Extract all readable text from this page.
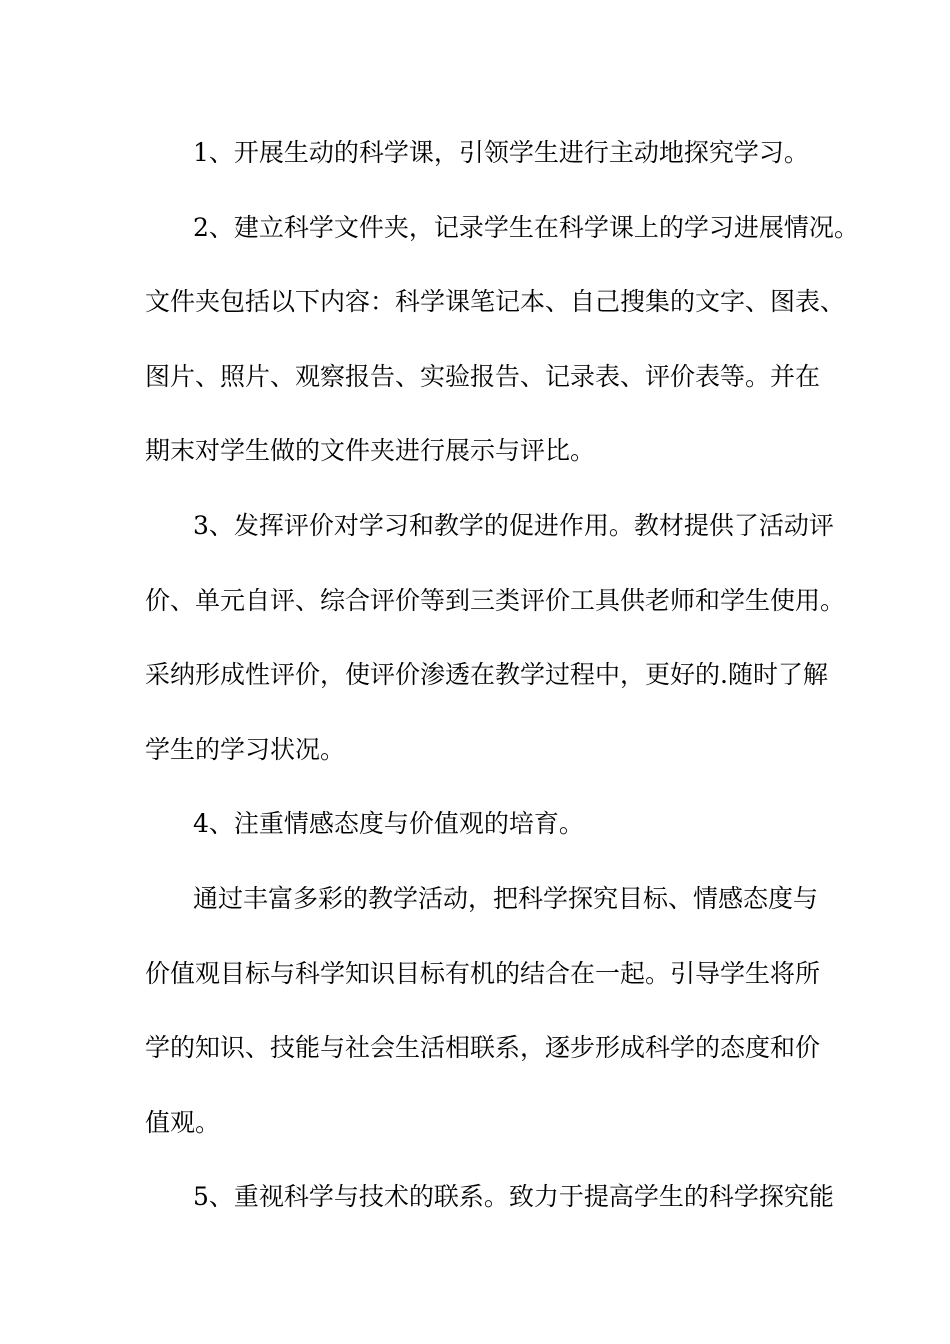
1、开展生动的科学课，引领学生进行主动地探究学习。
2、建立科学文件夹，记录学生在科学课上的学习进展情况。
文件夹包括以下内容：科学课笔记本、自己搜集的文字、图表、
图片、照片、观察报告、实验报告、记录表、评价表等。并在
期末对学生做的文件夹进行展示与评比。
3、发挥评价对学习和教学的促进作用。教材提供了活动评
价、单元自评、综合评价等到三类评价工具供老师和学生使用。
采纳形成性评价，使评价渗透在教学过程中，更好的.随时了解
学生的学习状况。
4、注重情感态度与价值观的培育。
通过丰富多彩的教学活动，把科学探究目标、情感态度与
价值观目标与科学知识目标有机的结合在一起。引导学生将所
学的知识、技能与社会生活相联系，逐步形成科学的态度和价
值观。
5、重视科学与技术的联系。致力于提高学生的科学探究能
